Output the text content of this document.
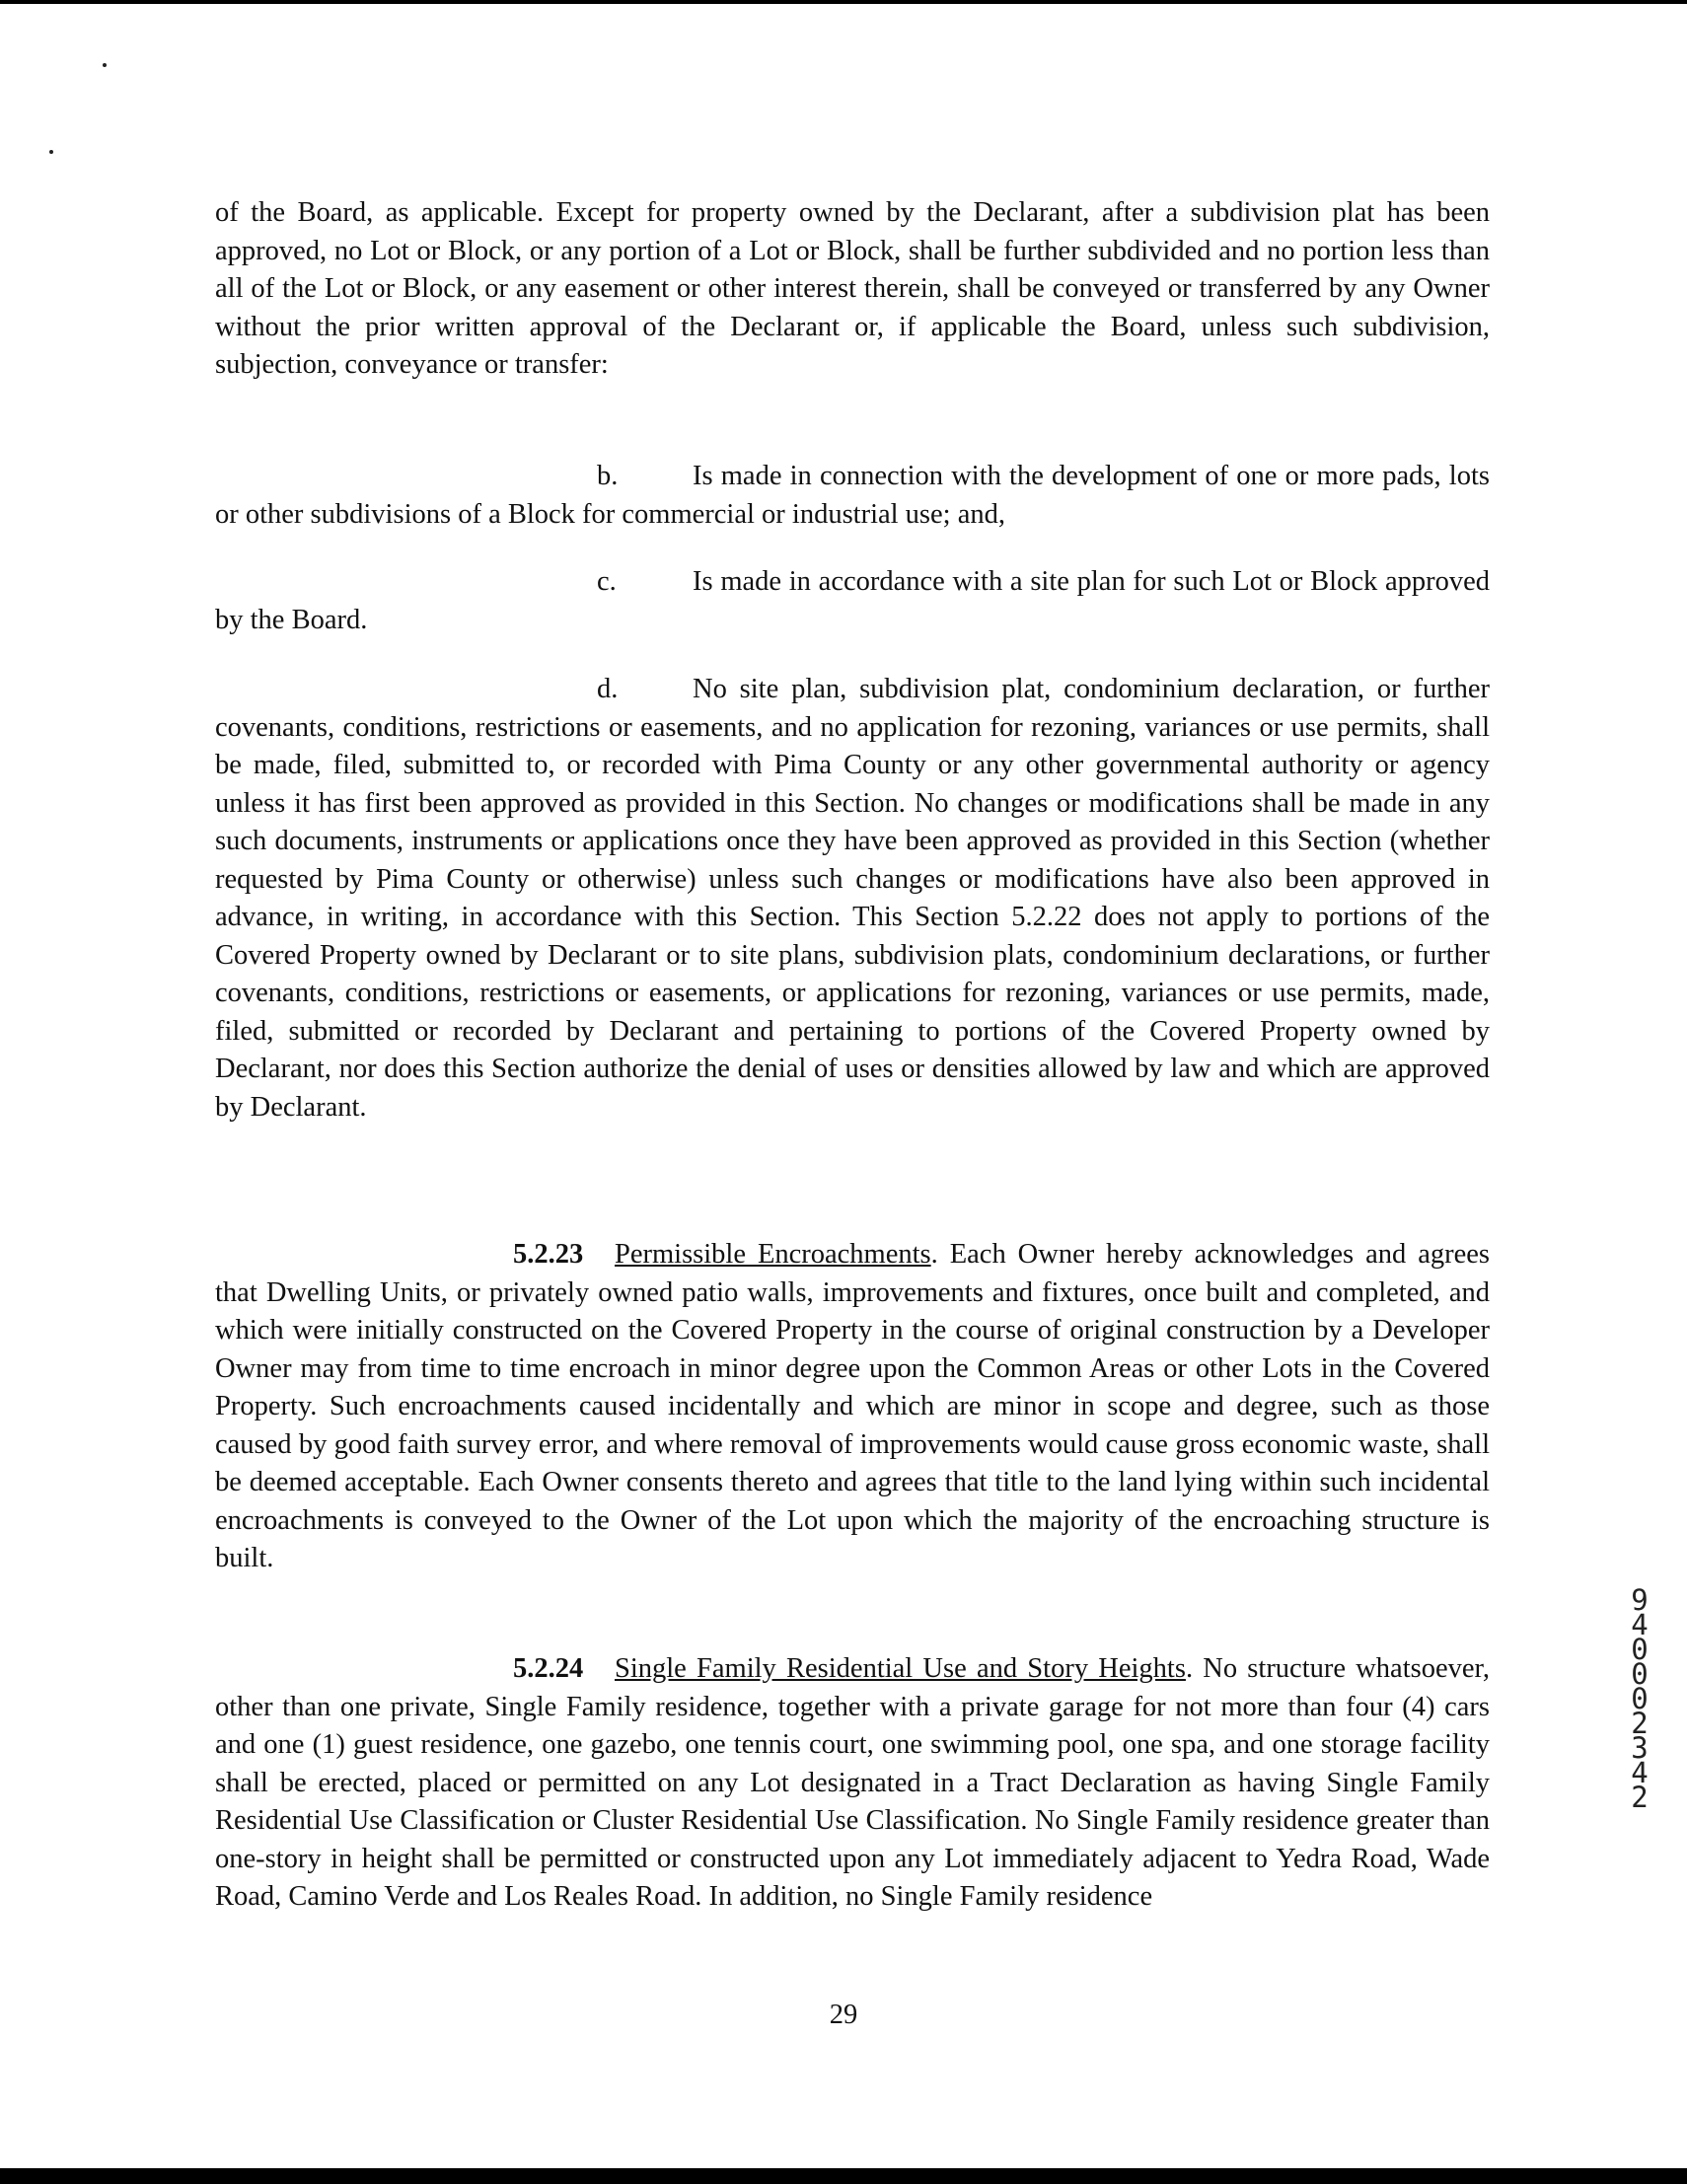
of the Board, as applicable. Except for property owned by the Declarant, after a subdivision plat has been approved, no Lot or Block, or any portion of a Lot or Block, shall be further subdivided and no portion less than all of the Lot or Block, or any easement or other interest therein, shall be conveyed or transferred by any Owner without the prior written approval of the Declarant or, if applicable the Board, unless such subdivision, subjection, conveyance or transfer:

b.	Is made in connection with the development of one or more pads, lots or other subdivisions of a Block for commercial or industrial use; and,

c.	Is made in accordance with a site plan for such Lot or Block approved by the Board.

d.	No site plan, subdivision plat, condominium declaration, or further covenants, conditions, restrictions or easements, and no application for rezoning, variances or use permits, shall be made, filed, submitted to, or recorded with Pima County or any other governmental authority or agency unless it has first been approved as provided in this Section. No changes or modifications shall be made in any such documents, instruments or applications once they have been approved as provided in this Section (whether requested by Pima County or otherwise) unless such changes or modifications have also been approved in advance, in writing, in accordance with this Section. This Section 5.2.22 does not apply to portions of the Covered Property owned by Declarant or to site plans, subdivision plats, condominium declarations, or further covenants, conditions, restrictions or easements, or applications for rezoning, variances or use permits, made, filed, submitted or recorded by Declarant and pertaining to portions of the Covered Property owned by Declarant, nor does this Section authorize the denial of uses or densities allowed by law and which are approved by Declarant.

5.2.23 Permissible Encroachments. Each Owner hereby acknowledges and agrees that Dwelling Units, or privately owned patio walls, improvements and fixtures, once built and completed, and which were initially constructed on the Covered Property in the course of original construction by a Developer Owner may from time to time encroach in minor degree upon the Common Areas or other Lots in the Covered Property. Such encroachments caused incidentally and which are minor in scope and degree, such as those caused by good faith survey error, and where removal of improvements would cause gross economic waste, shall be deemed acceptable. Each Owner consents thereto and agrees that title to the land lying within such incidental encroachments is conveyed to the Owner of the Lot upon which the majority of the encroaching structure is built.

5.2.24 Single Family Residential Use and Story Heights. No structure whatsoever, other than one private, Single Family residence, together with a private garage for not more than four (4) cars and one (1) guest residence, one gazebo, one tennis court, one swimming pool, one spa, and one storage facility shall be erected, placed or permitted on any Lot designated in a Tract Declaration as having Single Family Residential Use Classification or Cluster Residential Use Classification. No Single Family residence greater than one-story in height shall be permitted or constructed upon any Lot immediately adjacent to Yedra Road, Wade Road, Camino Verde and Los Reales Road. In addition, no Single Family residence

29

94000 2342
